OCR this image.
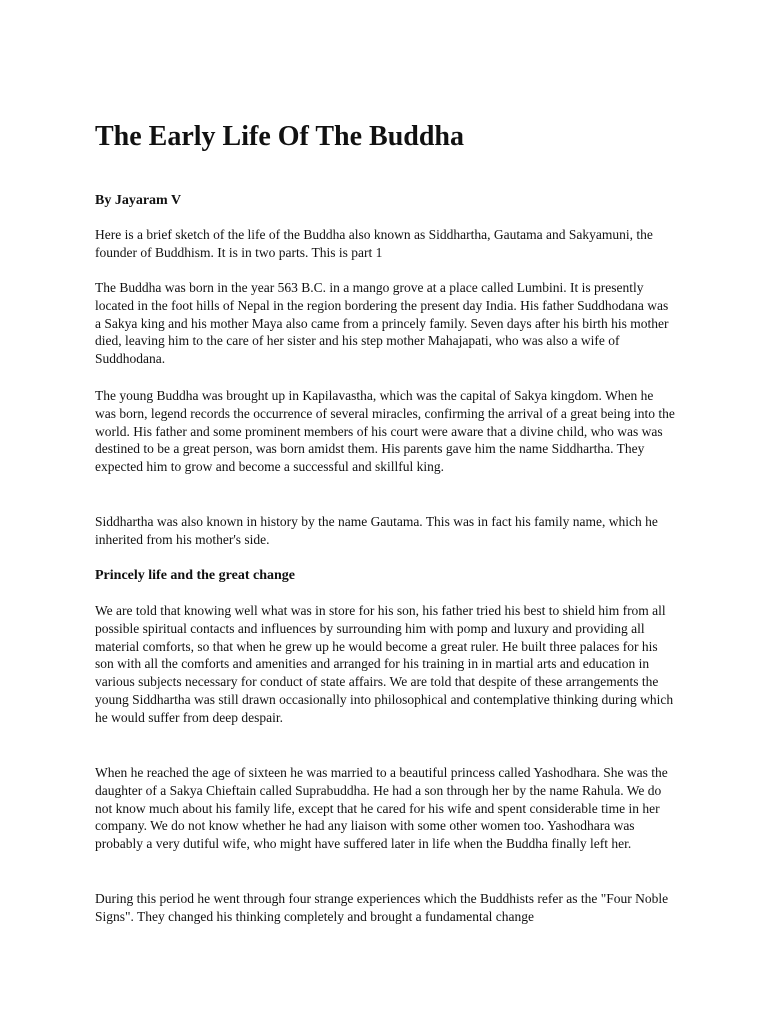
The Early Life Of The Buddha

By Jayaram V

Here is a brief sketch of the life of the Buddha also known as Siddhartha, Gautama and Sakyamuni, the founder of Buddhism. It is in two parts. This is part 1

The Buddha was born in the year 563 B.C. in a mango grove at a place called Lumbini. It is presently located in the foot hills of Nepal in the region bordering the present day India. His father Suddhodana was a Sakya king and his mother Maya also came from a princely family. Seven days after his birth his mother died, leaving him to the care of her sister and his step mother Mahajapati, who was also a wife of Suddhodana.

The young Buddha was brought up in Kapilavastha, which was the capital of Sakya kingdom. When he was born, legend records the occurrence of several miracles, confirming the arrival of a great being into the world. His father and some prominent members of his court were aware that a divine child, who was was destined to be a great person, was born amidst them. His parents gave him the name Siddhartha. They expected him to grow and become a successful and skillful king.

Siddhartha was also known in history by the name Gautama. This was in fact his family name, which he inherited from his mother's side.

Princely life and the great change

We are told that knowing well what was in store for his son, his father tried his best to shield him from all possible spiritual contacts and influences by surrounding him with pomp and luxury and providing all material comforts, so that when he grew up he would become a great ruler. He built three palaces for his son with all the comforts and amenities and arranged for his training in in martial arts and education in various subjects necessary for conduct of state affairs. We are told that despite of these arrangements the young Siddhartha was still drawn occasionally into philosophical and contemplative thinking during which he would suffer from deep despair.

When he reached the age of sixteen he was married to a beautiful princess called Yashodhara. She was the daughter of a Sakya Chieftain called Suprabuddha. He had a son through her by the name Rahula. We do not know much about his family life, except that he cared for his wife and spent considerable time in her company. We do not know whether he had any liaison with some other women too. Yashodhara was probably a very dutiful wife, who might have suffered later in life when the Buddha finally left her.

During this period he went through four strange experiences which the Buddhists refer as the "Four Noble Signs". They changed his thinking completely and brought a fundamental change
